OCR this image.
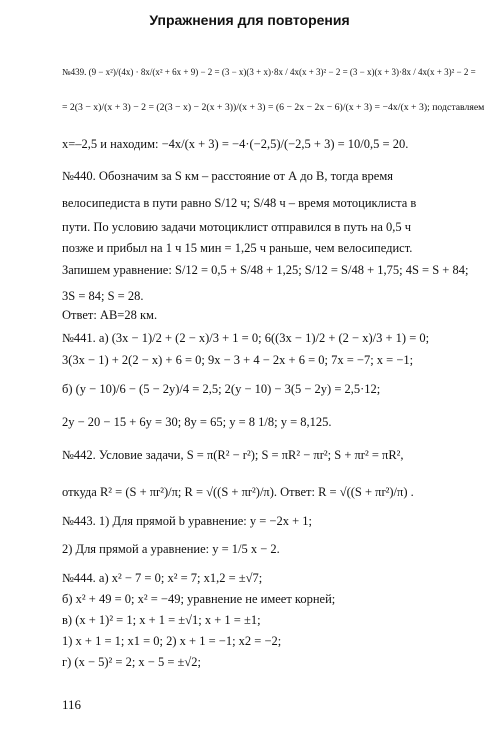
Упражнения для повторения
№439. (9 − x²)/(4x) · 8x/(x² + 6x + 9) − 2 = (3 − x)(3 + x)·8x / 4x(x + 3)² − 2 = (3 − x)(x + 3)·8x / 4x(x + 3)² − 2 =
= 2(3 − x)/(x + 3) − 2 = (2(3 − x) − 2(x + 3))/(x + 3) = (6 − 2x − 2x − 6)/(x + 3) = −4x/(x + 3); подставляем
x=–2,5 и находим: −4x/(x + 3) = −4·(−2,5)/(−2,5 + 3) = 10/0,5 = 20.
№440. Обозначим за S км – расстояние от А до В, тогда время
велосипедиста в пути равно S/12 ч; S/48 ч – время мотоциклиста в
пути. По условию задачи мотоциклист отправился в путь на 0,5 ч
позже и прибыл на 1 ч 15 мин = 1,25 ч раньше, чем велосипедист.
Запишем уравнение: S/12 = 0,5 + S/48 + 1,25; S/12 = S/48 + 1,75; 4S = S + 84;
3S = 84; S = 28.
Ответ: АВ=28 км.
№441. а) (3x − 1)/2 + (2 − x)/3 + 1 = 0; 6((3x − 1)/2 + (2 − x)/3 + 1) = 0;
3(3x − 1) + 2(2 − x) + 6 = 0; 9x − 3 + 4 − 2x + 6 = 0; 7x = −7; x = −1;
б) (y − 10)/6 − (5 − 2y)/4 = 2,5; 2(y − 10) − 3(5 − 2y) = 2,5·12;
2y − 20 − 15 + 6y = 30; 8y = 65; y = 8 1/8; y = 8,125.
№442. Условие задачи, S = π(R² − r²); S = πR² − πr²; S + πr² = πR²,
откуда R² = (S + πr²)/π; R = √((S + πr²)/π). Ответ: R = √((S + πr²)/π) .
№443. 1) Для прямой b уравнение: y = −2x + 1;
2) Для прямой a уравнение: y = 1/5 x − 2.
№444. а) x² − 7 = 0; x² = 7; x1,2 = ±√7;
б) x² + 49 = 0; x² = −49; уравнение не имеет корней;
в) (x + 1)² = 1; x + 1 = ±√1; x + 1 = ±1;
1) x + 1 = 1; x1 = 0; 2) x + 1 = −1; x2 = −2;
г) (x − 5)² = 2; x − 5 = ±√2;
116
